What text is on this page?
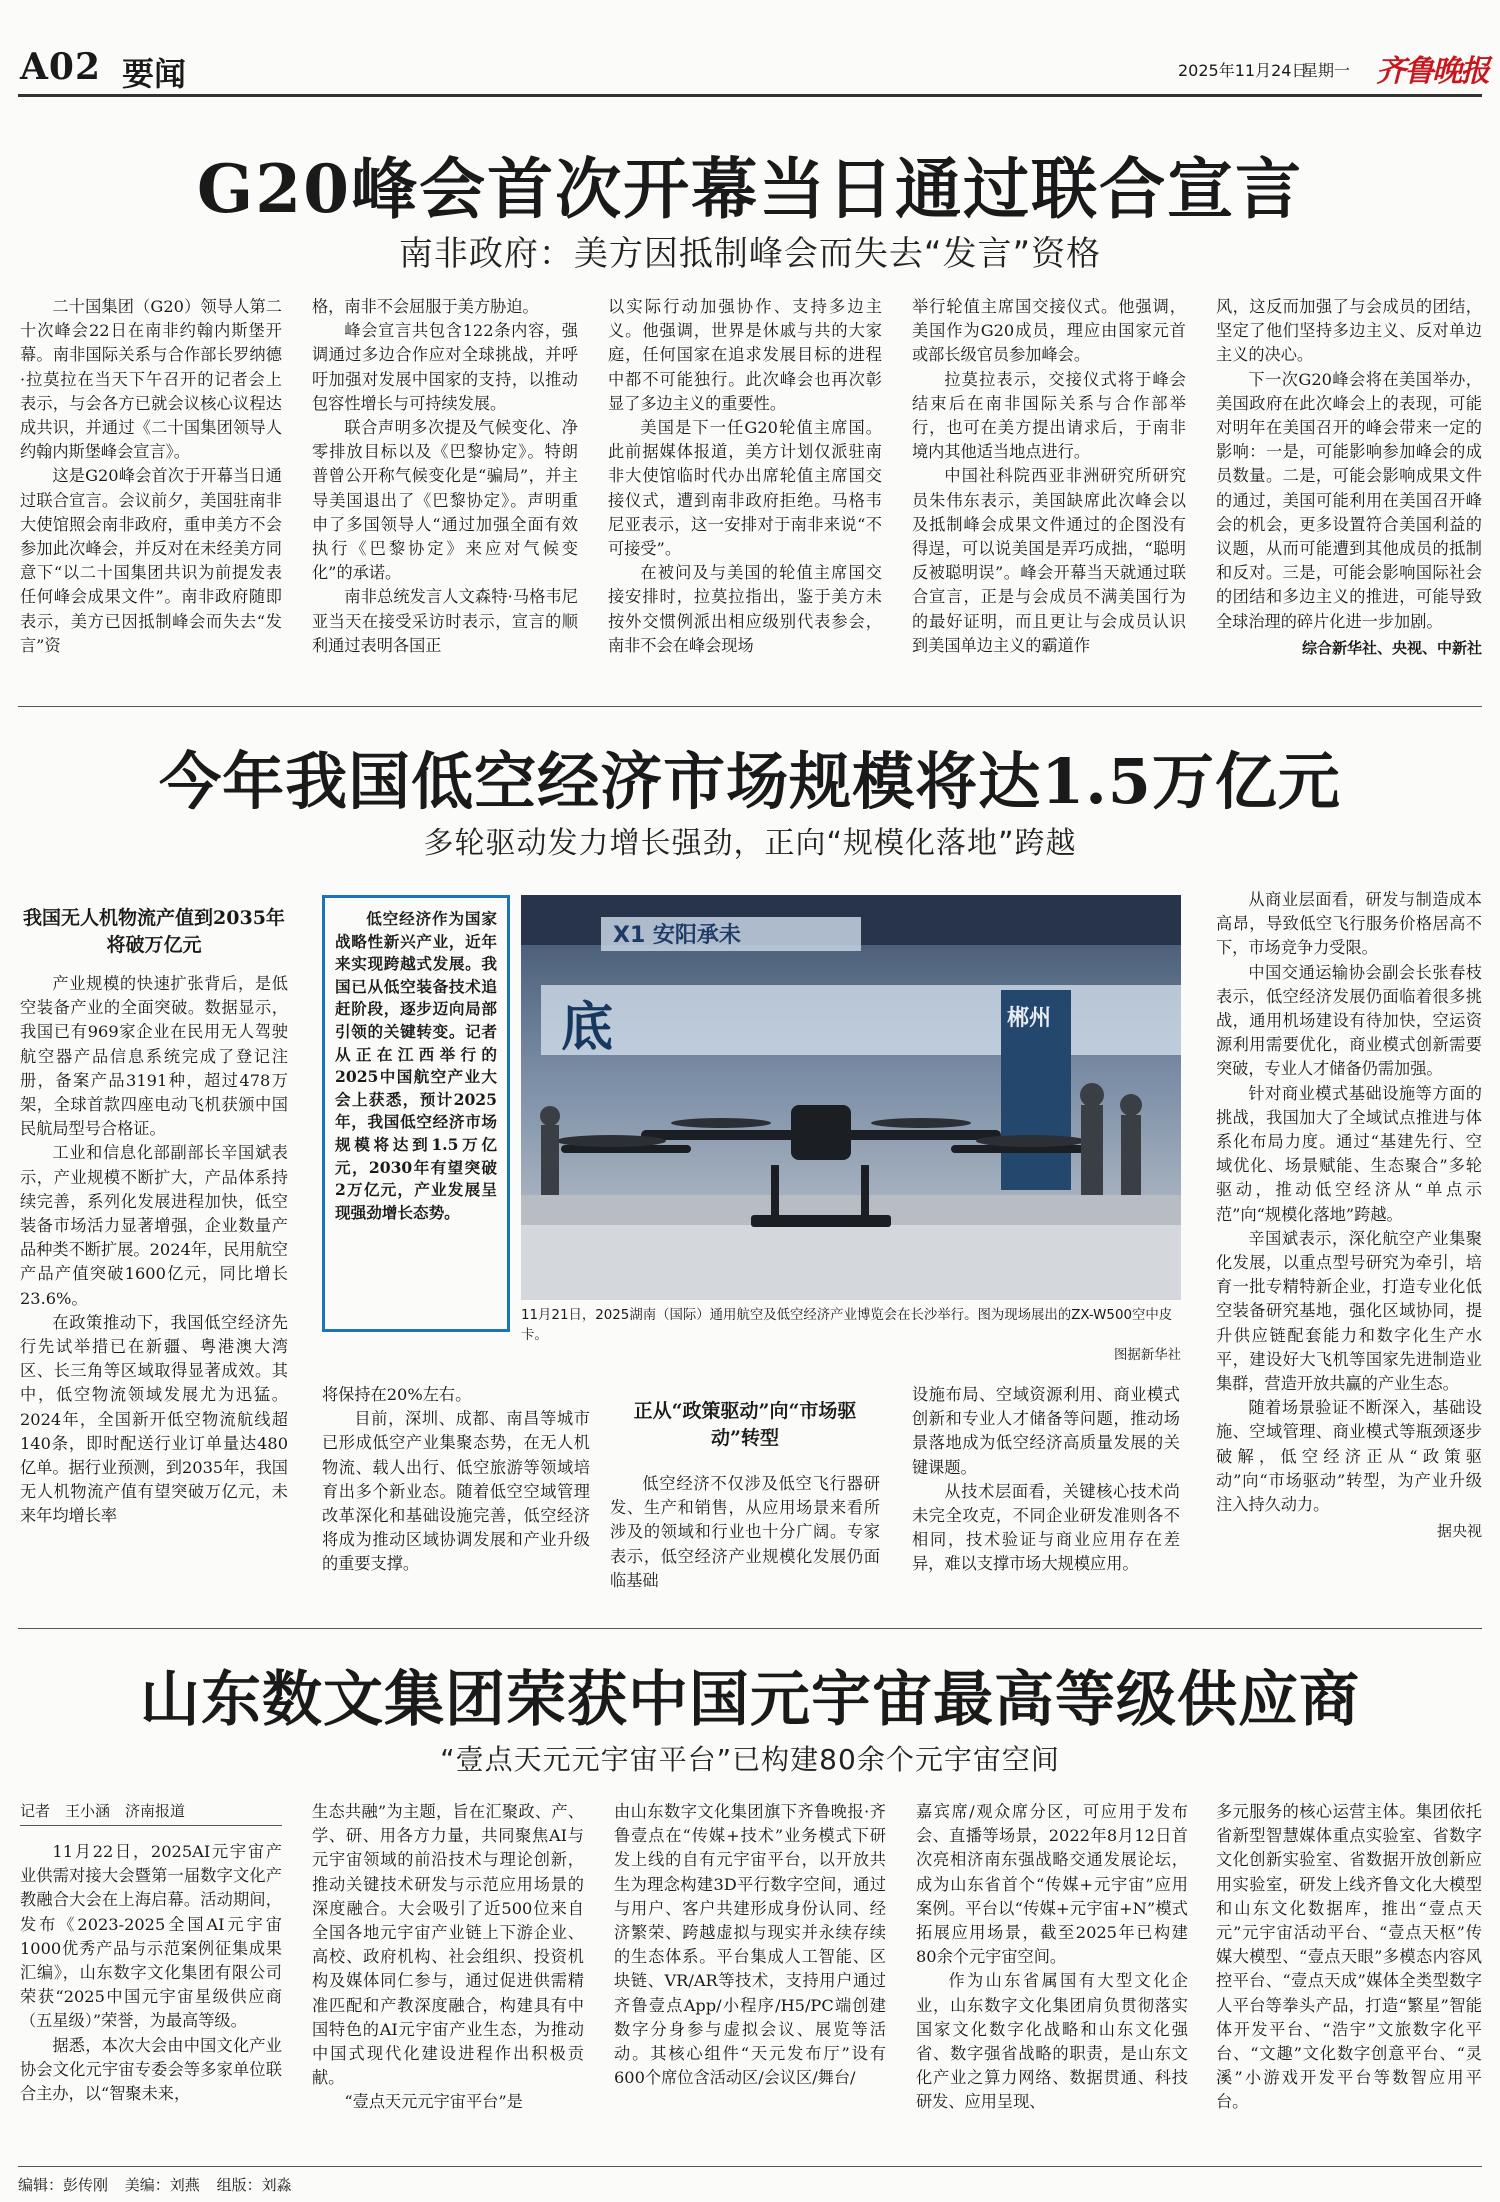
A02 要闻	2025年11月24日
星期一 齐鲁晚报
G20峰会首次开幕当日通过联合宣言
南非政府：美方因抵制峰会而失去“发言”资格

二十国集团（G20）领导人第二十次峰会22日在南非约翰内斯堡开幕。南非国际关系与合作部长罗纳德·拉莫拉在当天下午召开的记者会上表示，与会各方已就会议核心议程达成共识，并通过《二十国集团领导人约翰内斯堡峰会宣言》。

这是G20峰会首次于开幕当日通过联合宣言。会议前夕，美国驻南非大使馆照会南非政府，重申美方不会参加此次峰会，并反对在未经美方同意下“以二十国集团共识为前提发表任何峰会成果文件”。南非政府随即表示，美方已因抵制峰会而失去“发言”资

格，南非不会屈服于美方胁迫。

峰会宣言共包含122条内容，强调通过多边合作应对全球挑战，并呼吁加强对发展中国家的支持，以推动包容性增长与可持续发展。

联合声明多次提及气候变化、净零排放目标以及《巴黎协定》。特朗普曾公开称气候变化是“骗局”，并主导美国退出了《巴黎协定》。声明重申了多国领导人“通过加强全面有效执行《巴黎协定》来应对气候变化”的承诺。

南非总统发言人文森特·马格韦尼亚当天在接受采访时表示，宣言的顺利通过表明各国正

以实际行动加强协作、支持多边主义。他强调，世界是休戚与共的大家庭，任何国家在追求发展目标的进程中都不可能独行。此次峰会也再次彰显了多边主义的重要性。

美国是下一任G20轮值主席国。此前据媒体报道，美方计划仅派驻南非大使馆临时代办出席轮值主席国交接仪式，遭到南非政府拒绝。马格韦尼亚表示，这一安排对于南非来说“不可接受”。

在被问及与美国的轮值主席国交接安排时，拉莫拉指出，鉴于美方未按外交惯例派出相应级别代表参会，南非不会在峰会现场

举行轮值主席国交接仪式。他强调，美国作为G20成员，理应由国家元首或部长级官员参加峰会。

拉莫拉表示，交接仪式将于峰会结束后在南非国际关系与合作部举行，也可在美方提出请求后，于南非境内其他适当地点进行。

中国社科院西亚非洲研究所研究员朱伟东表示，美国缺席此次峰会以及抵制峰会成果文件通过的企图没有得逞，可以说美国是弄巧成拙，“聪明反被聪明误”。峰会开幕当天就通过联合宣言，正是与会成员不满美国行为的最好证明，而且更让与会成员认识到美国单边主义的霸道作

风，这反而加强了与会成员的团结，坚定了他们坚持多边主义、反对单边主义的决心。

下一次G20峰会将在美国举办，美国政府在此次峰会上的表现，可能对明年在美国召开的峰会带来一定的影响：一是，可能影响参加峰会的成员数量。二是，可能会影响成果文件的通过，美国可能利用在美国召开峰会的机会，更多设置符合美国利益的议题，从而可能遭到其他成员的抵制和反对。三是，可能会影响国际社会的团结和多边主义的推进，可能导致全球治理的碎片化进一步加剧。

综合新华社、央视、中新社
今年我国低空经济市场规模将达1.5万亿元
多轮驱动发力增长强劲，正向“规模化落地”跨越
我国无人机物流产值到2035年将破万亿元

产业规模的快速扩张背后，是低空装备产业的全面突破。数据显示，我国已有969家企业在民用无人驾驶航空器产品信息系统完成了登记注册，备案产品3191种，超过478万架，全球首款四座电动飞机获颁中国民航局型号合格证。

工业和信息化部副部长辛国斌表示，产业规模不断扩大，产品体系持续完善，系列化发展进程加快，低空装备市场活力显著增强，企业数量产品种类不断扩展。2024年，民用航空产品产值突破1600亿元，同比增长23.6%。

在政策推动下，我国低空经济先行先试举措已在新疆、粤港澳大湾区、长三角等区域取得显著成效。其中，低空物流领域发展尤为迅猛。2024年，全国新开低空物流航线超140条，即时配送行业订单量达480亿单。据行业预测，到2035年，我国无人机物流产值有望突破万亿元，未来年均增长率

低空经济作为国家战略性新兴产业，近年来实现跨越式发展。我国已从低空装备技术追赶阶段，逐步迈向局部引领的关键转变。记者从正在江西举行的2025中国航空产业大会上获悉，预计2025年，我国低空经济市场规模将达到1.5万亿元，2030年有望突破2万亿元，产业发展呈现强劲增长态势。
X1 安阳承未
底	郴州
11月21日，2025湖南（国际）通用航空及低空经济产业博览会在长沙举行。图为现场展出的ZX-W500空中皮卡。
图据新华社

将保持在20%左右。

目前，深圳、成都、南昌等城市已形成低空产业集聚态势，在无人机物流、载人出行、低空旅游等领域培育出多个新业态。随着低空空域管理改革深化和基础设施完善，低空经济将成为推动区域协调发展和产业升级的重要支撑。

正从“政策驱动”向“市场驱动”转型

低空经济不仅涉及低空飞行器研发、生产和销售，从应用场景来看所涉及的领域和行业也十分广阔。专家表示，低空经济产业规模化发展仍面临基础

设施布局、空域资源利用、商业模式创新和专业人才储备等问题，推动场景落地成为低空经济高质量发展的关键课题。

从技术层面看，关键核心技术尚未完全攻克，不同企业研发准则各不相同，技术验证与商业应用存在差异，难以支撑市场大规模应用。

从商业层面看，研发与制造成本高昂，导致低空飞行服务价格居高不下，市场竞争力受限。

中国交通运输协会副会长张春枝表示，低空经济发展仍面临着很多挑战，通用机场建设有待加快，空运资源利用需要优化，商业模式创新需要突破，专业人才储备仍需加强。

针对商业模式基础设施等方面的挑战，我国加大了全域试点推进与体系化布局力度。通过“基建先行、空域优化、场景赋能、生态聚合”多轮驱动，推动低空经济从“单点示范”向“规模化落地”跨越。

辛国斌表示，深化航空产业集聚化发展，以重点型号研究为牵引，培育一批专精特新企业，打造专业化低空装备研究基地，强化区域协同，提升供应链配套能力和数字化生产水平，建设好大飞机等国家先进制造业集群，营造开放共赢的产业生态。

随着场景验证不断深入，基础设施、空域管理、商业模式等瓶颈逐步破解，低空经济正从“政策驱动”向“市场驱动”转型，为产业升级注入持久动力。

据央视
山东数文集团荣获中国元宇宙最高等级供应商
“壹点天元元宇宙平台”已构建80余个元宇宙空间
记者　王小涵　济南报道

11月22日，2025AI元宇宙产业供需对接大会暨第一届数字文化产教融合大会在上海启幕。活动期间，发布《2023-2025全国AI元宇宙1000优秀产品与示范案例征集成果汇编》，山东数字文化集团有限公司荣获“2025中国元宇宙星级供应商（五星级）”荣誉，为最高等级。

据悉，本次大会由中国文化产业协会文化元宇宙专委会等多家单位联合主办，以“智聚未来，

生态共融”为主题，旨在汇聚政、产、学、研、用各方力量，共同聚焦AI与元宇宙领域的前沿技术与理论创新，推动关键技术研发与示范应用场景的深度融合。大会吸引了近500位来自全国各地元宇宙产业链上下游企业、高校、政府机构、社会组织、投资机构及媒体同仁参与，通过促进供需精准匹配和产教深度融合，构建具有中国特色的AI元宇宙产业生态，为推动中国式现代化建设进程作出积极贡献。

“壹点天元元宇宙平台”是

由山东数字文化集团旗下齐鲁晚报·齐鲁壹点在“传媒+技术”业务模式下研发上线的自有元宇宙平台，以开放共生为理念构建3D平行数字空间，通过与用户、客户共建形成身份认同、经济繁荣、跨越虚拟与现实并永续存续的生态体系。平台集成人工智能、区块链、VR/AR等技术，支持用户通过齐鲁壹点App/小程序/H5/PC端创建数字分身参与虚拟会议、展览等活动。其核心组件“天元发布厅”设有600个席位含活动区/会议区/舞台/

嘉宾席/观众席分区，可应用于发布会、直播等场景，2022年8月12日首次亮相济南东强战略交通发展论坛，成为山东省首个“传媒+元宇宙”应用案例。平台以“传媒+元宇宙+N”模式拓展应用场景，截至2025年已构建80余个元宇宙空间。

作为山东省属国有大型文化企业，山东数字文化集团肩负贯彻落实国家文化数字化战略和山东文化强省、数字强省战略的职责，是山东文化产业之算力网络、数据贯通、科技研发、应用呈现、

多元服务的核心运营主体。集团依托省新型智慧媒体重点实验室、省数字文化创新实验室、省数据开放创新应用实验室，研发上线齐鲁文化大模型和山东文化数据库，推出“壹点天元”元宇宙活动平台、“壹点天枢”传媒大模型、“壹点天眼”多模态内容风控平台、“壹点天成”媒体全类型数字人平台等拳头产品，打造“繁星”智能体开发平台、“浩宇”文旅数字化平台、“文趣”文化数字创意平台、“灵溪”小游戏开发平台等数智应用平台。

编辑：彭传刚 美编：刘燕 组版：刘淼
